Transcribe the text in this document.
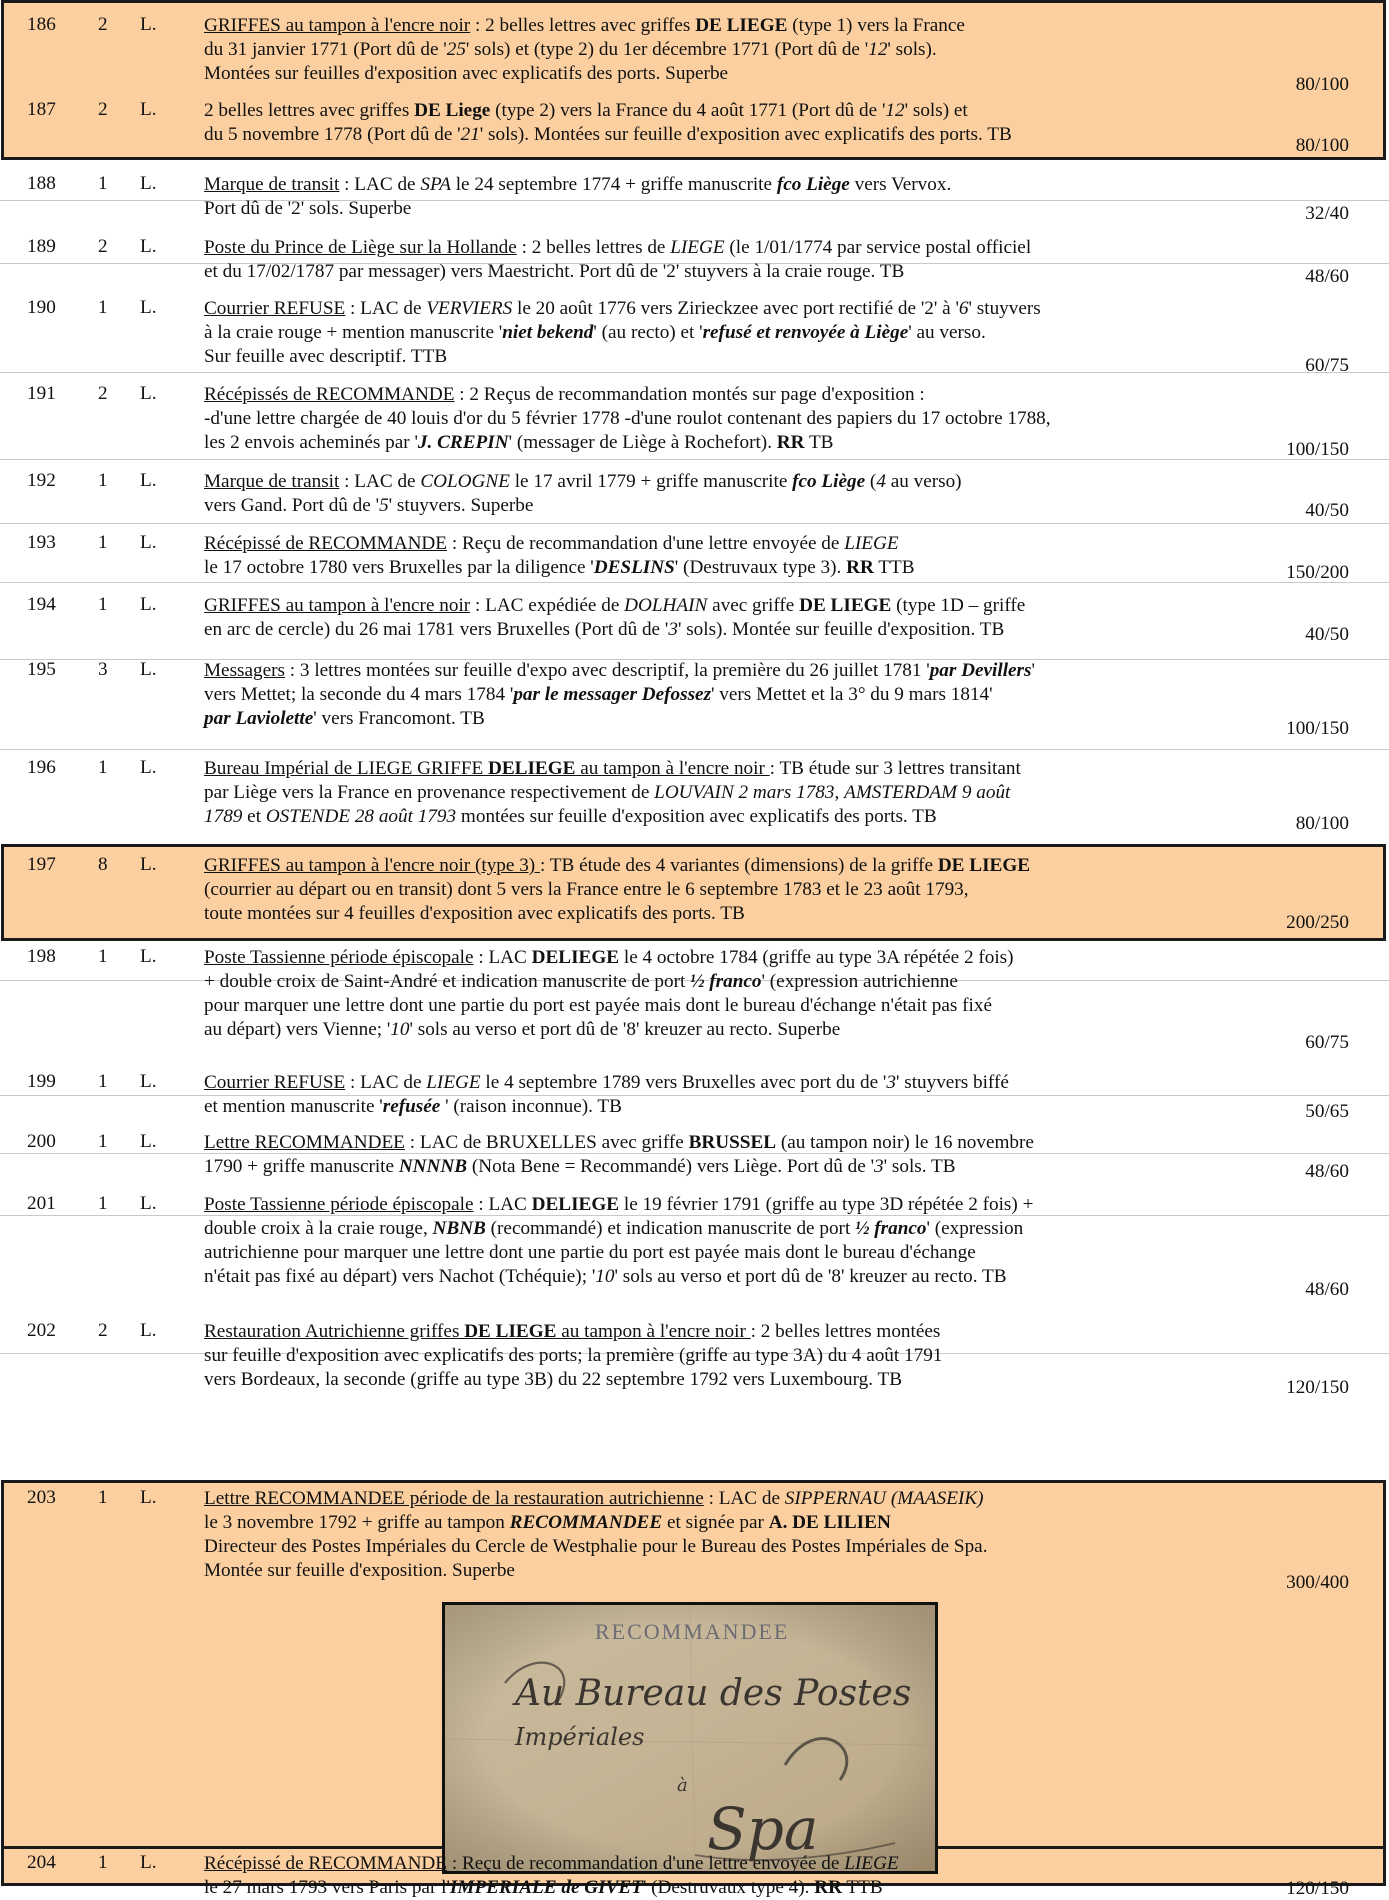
186 2 L. GRIFFES au tampon à l'encre noir : 2 belles lettres avec griffes DE LIEGE (type 1) vers la France
du 31 janvier 1771 (Port dû de '25' sols) et (type 2) du 1er décembre 1771 (Port dû de '12' sols).
Montées sur feuilles d'exposition avec explicatifs des ports. Superbe
80/100
187 2 L. 2 belles lettres avec griffes DE Liege (type 2) vers la France du 4 août 1771 (Port dû de '12' sols) et
du 5 novembre 1778 (Port dû de '21' sols). Montées sur feuille d'exposition avec explicatifs des ports. TB
80/100
188 1 L. Marque de transit : LAC de SPA le 24 septembre 1774 + griffe manuscrite fco Liège vers Vervox.
Port dû de '2' sols. Superbe	32/40
189 2 L. Poste du Prince de Liège sur la Hollande : 2 belles lettres de LIEGE (le 1/01/1774 par service postal officiel
et du 17/02/1787 par messager) vers Maestricht. Port dû de '2' stuyvers à la craie rouge. TB	48/60
190 1 L. Courrier REFUSE : LAC de VERVIERS le 20 août 1776 vers Zirieckzee avec port rectifié de '2' à '6' stuyvers
à la craie rouge + mention manuscrite 'niet bekend' (au recto) et 'refusé et renvoyée à Liège' au verso.
Sur feuille avec descriptif. TTB	60/75
191 2 L. Récépissés de RECOMMANDE : 2 Reçus de recommandation montés sur page d'exposition :
-d'une lettre chargée de 40 louis d'or du 5 février 1778 -d'une roulot contenant des papiers du 17 octobre 1788,
les 2 envois acheminés par 'J. CREPIN' (messager de Liège à Rochefort). RR TB	100/150
192 1 L. Marque de transit : LAC de COLOGNE le 17 avril 1779 + griffe manuscrite fco Liège (4 au verso)
vers Gand. Port dû de '5' stuyvers. Superbe	40/50
193 1 L. Récépissé de RECOMMANDE : Reçu de recommandation d'une lettre envoyée de LIEGE
le 17 octobre 1780 vers Bruxelles par la diligence 'DESLINS' (Destruvaux type 3). RR TTB	150/200
194 1 L. GRIFFES au tampon à l'encre noir : LAC expédiée de DOLHAIN avec griffe DE LIEGE (type 1D – griffe
en arc de cercle) du 26 mai 1781 vers Bruxelles (Port dû de '3' sols). Montée sur feuille d'exposition. TB	40/50
195 3 L. Messagers : 3 lettres montées sur feuille d'expo avec descriptif, la première du 26 juillet 1781 'par Devillers'
vers Mettet; la seconde du 4 mars 1784 'par le messager Defossez' vers Mettet et la 3° du 9 mars 1814'
par Laviolette' vers Francomont. TB	100/150
196 1 L. Bureau Impérial de LIEGE GRIFFE DELIEGE au tampon à l'encre noir : TB étude sur 3 lettres transitant
par Liège vers la France en provenance respectivement de LOUVAIN 2 mars 1783, AMSTERDAM 9 août
1789 et OSTENDE 28 août 1793 montées sur feuille d'exposition avec explicatifs des ports. TB	80/100
197 8 L. GRIFFES au tampon à l'encre noir (type 3) : TB étude des 4 variantes (dimensions) de la griffe DE LIEGE
(courrier au départ ou en transit) dont 5 vers la France entre le 6 septembre 1783 et le 23 août 1793,
toute montées sur 4 feuilles d'exposition avec explicatifs des ports. TB	200/250
198 1 L. Poste Tassienne période épiscopale : LAC DELIEGE le 4 octobre 1784 (griffe au type 3A répétée 2 fois)
+ double croix de Saint-André et indication manuscrite de port ½ franco' (expression autrichienne
pour marquer une lettre dont une partie du port est payée mais dont le bureau d'échange n'était pas fixé
au départ) vers Vienne; '10' sols au verso et port dû de '8' kreuzer au recto. Superbe
60/75
199 1 L. Courrier REFUSE : LAC de LIEGE le 4 septembre 1789 vers Bruxelles avec port du de '3' stuyvers biffé
et mention manuscrite 'refusée ' (raison inconnue). TB	50/65
200 1 L. Lettre RECOMMANDEE : LAC de BRUXELLES avec griffe BRUSSEL (au tampon noir) le 16 novembre
1790 + griffe manuscrite NNNNB (Nota Bene = Recommandé) vers Liège. Port dû de '3' sols. TB	48/60
201 1 L. Poste Tassienne période épiscopale : LAC DELIEGE le 19 février 1791 (griffe au type 3D répétée 2 fois) +
double croix à la craie rouge, NBNB (recommandé) et indication manuscrite de port ½ franco' (expression
autrichienne pour marquer une lettre dont une partie du port est payée mais dont le bureau d'échange
n'était pas fixé au départ) vers Nachot (Tchéquie); '10' sols au verso et port dû de '8' kreuzer au recto. TB
48/60
202 2 L. Restauration Autrichienne griffes DE LIEGE au tampon à l'encre noir : 2 belles lettres montées
sur feuille d'exposition avec explicatifs des ports; la première (griffe au type 3A) du 4 août 1791
vers Bordeaux, la seconde (griffe au type 3B) du 22 septembre 1792 vers Luxembourg. TB	120/150
203 1 L. Lettre RECOMMANDEE période de la restauration autrichienne : LAC de SIPPERNAU (MAASEIK)
le 3 novembre 1792 + griffe au tampon RECOMMANDEE et signée par A. DE LILIEN
Directeur des Postes Impériales du Cercle de Westphalie pour le Bureau des Postes Impériales de Spa.
Montée sur feuille d'exposition. Superbe
300/400
RECOMMANDEE
Au Bureau des Postes
Impériales
à
Spa
204 1 L. Récépissé de RECOMMANDE : Reçu de recommandation d'une lettre envoyée de LIEGE
le 27 mars 1793 vers Paris par l'IMPERIALE de GIVET' (Destruvaux type 4). RR TTB	120/150
